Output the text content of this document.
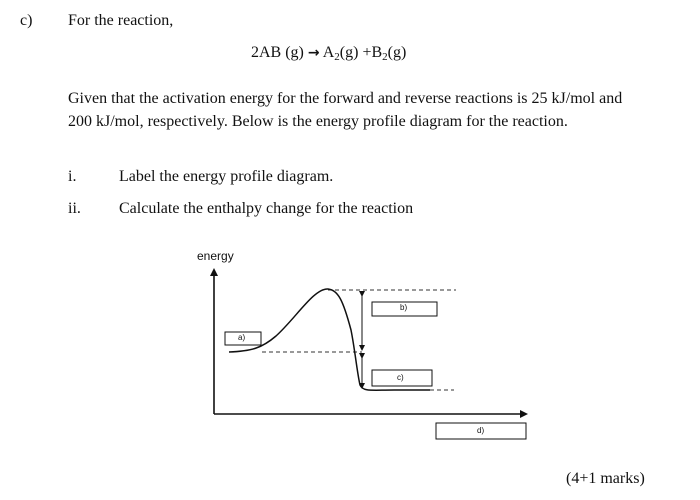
c) For the reaction,
2AB $(g) \to A_2(g) +B_2(g)$
Given that the activation energy for the forward and reverse reactions is 25 kJ/mol and
200 kJ/mol, respectively. Below is the energy profile diagram for the reaction.
i.	Label the energy profile diagram.
ii. Calculate the enthalpy change for the reaction
energy
a)
b)
c)
d)
(4+1 marks)
